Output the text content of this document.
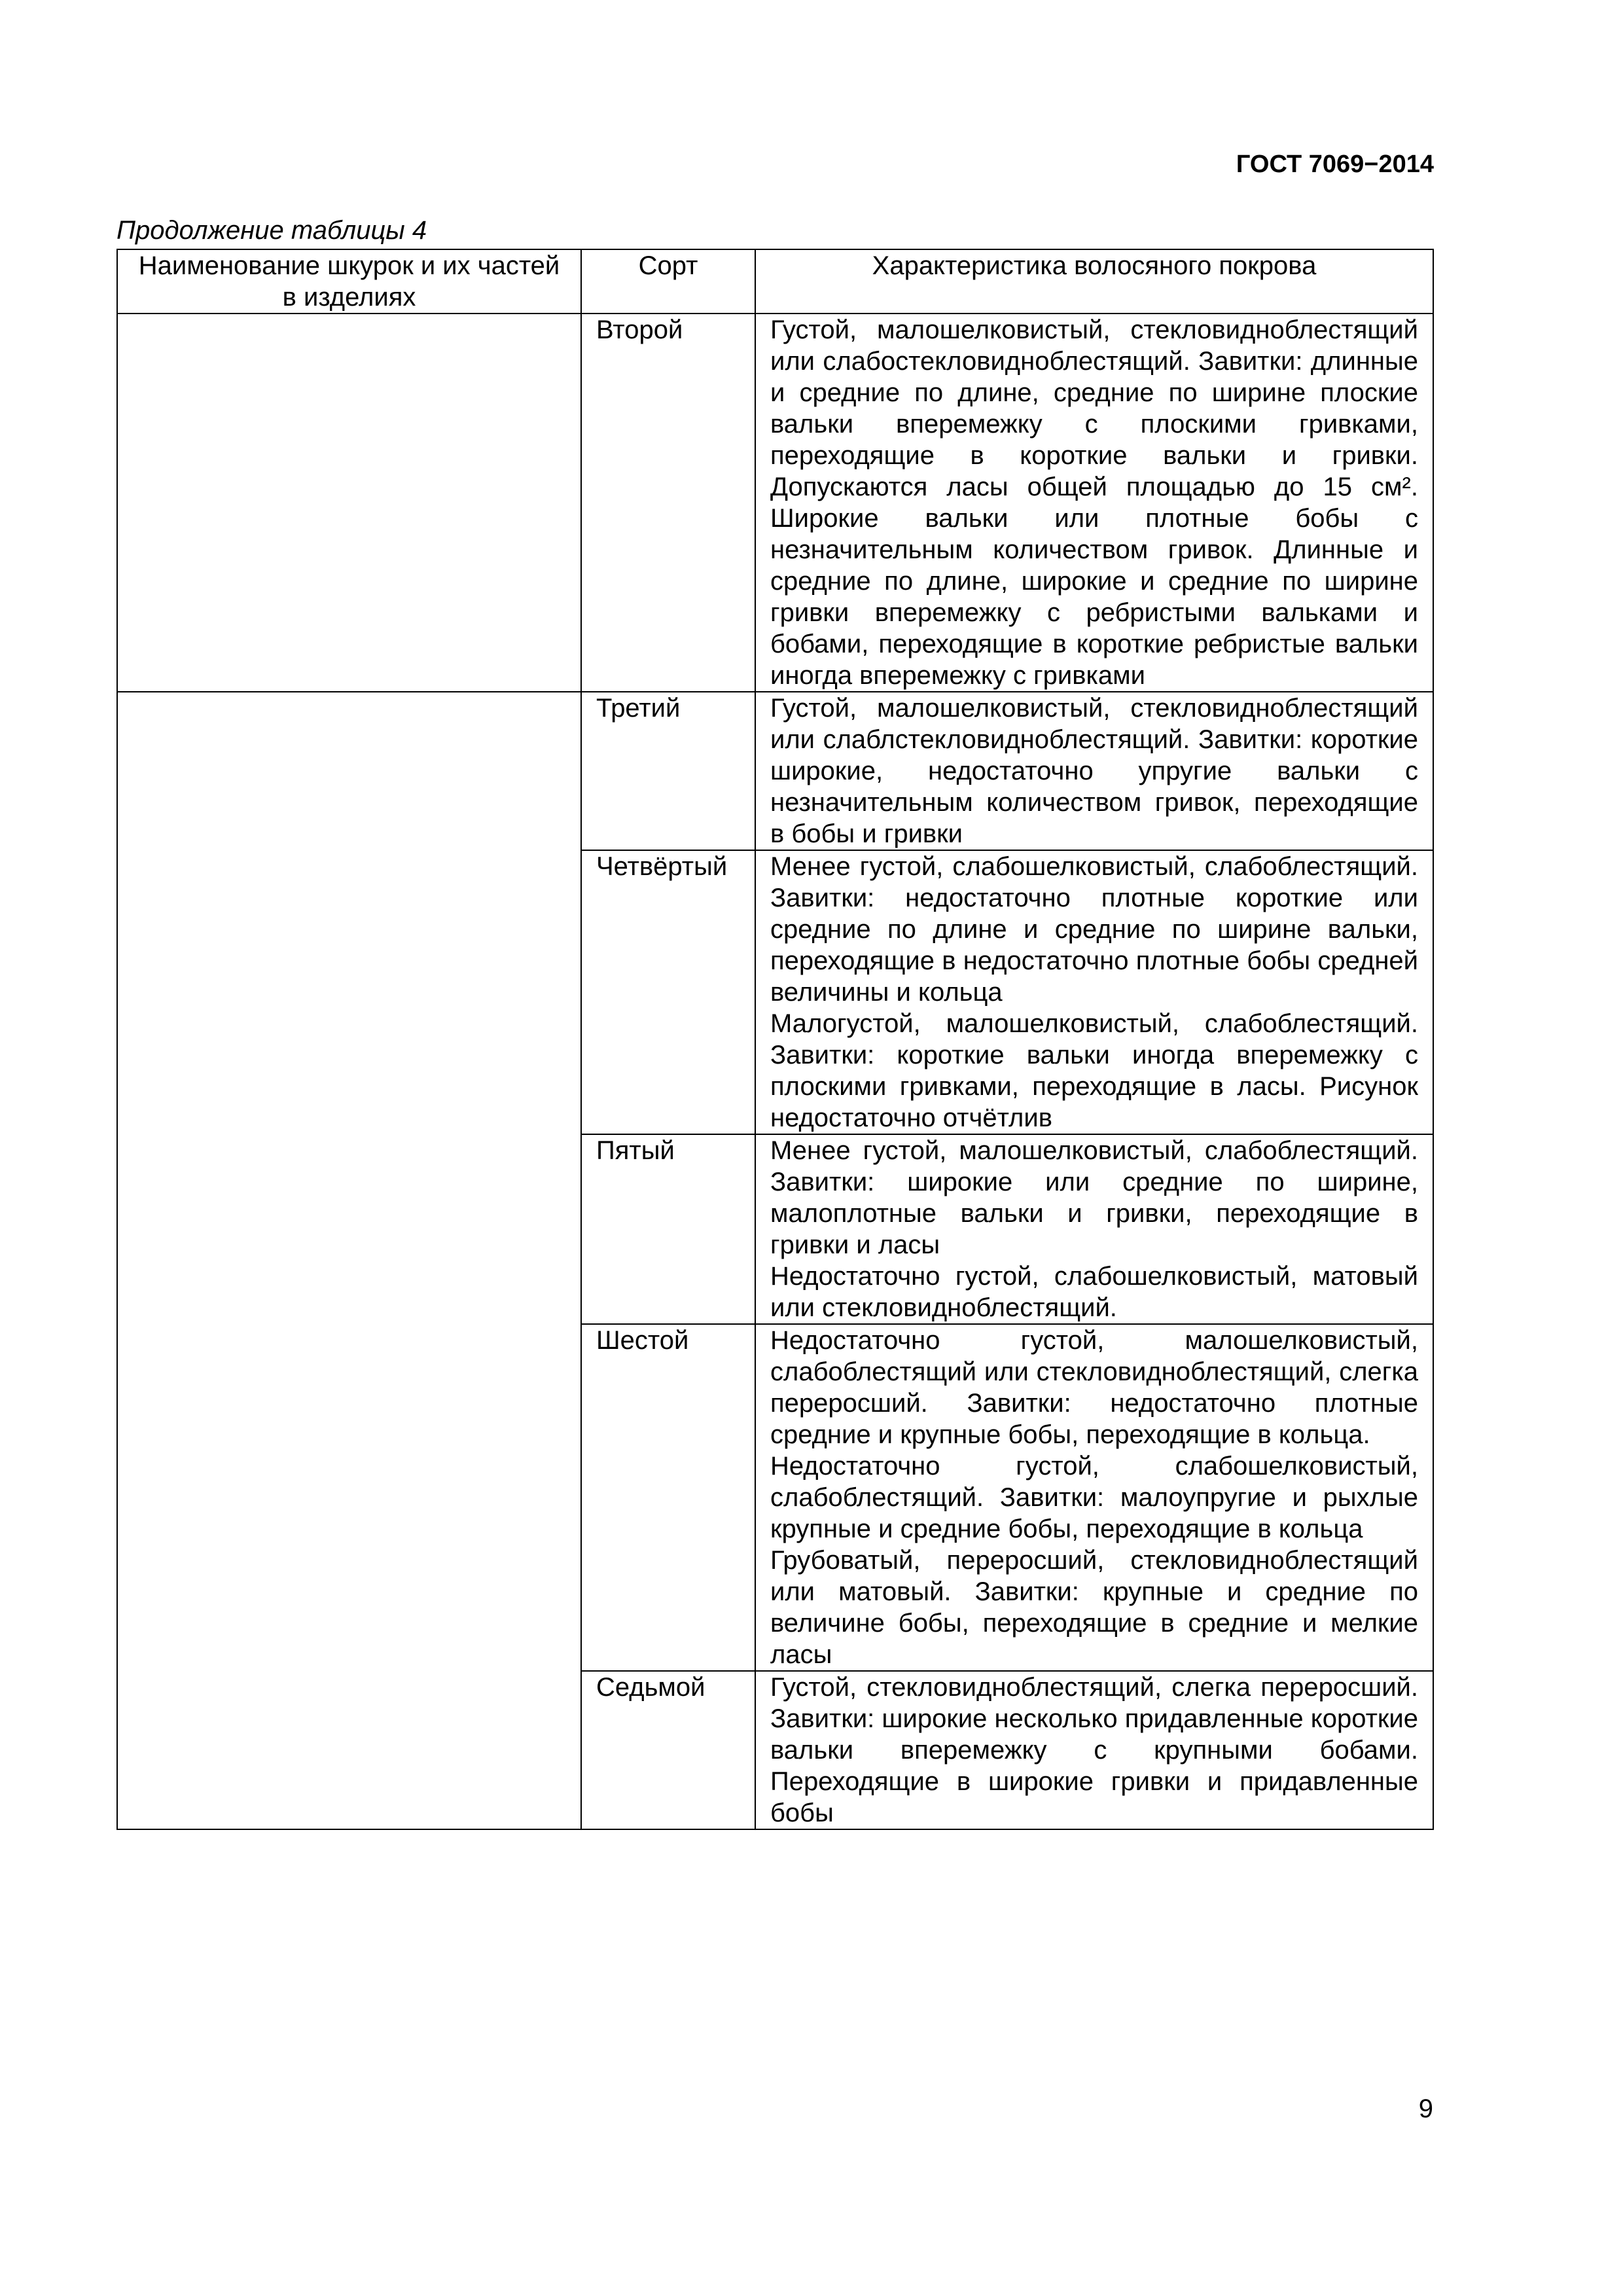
ГОСТ 7069−2014
Продолжение таблицы 4
Наименование шкурок и их частей в изделиях	Сорт	Характеристика волосяного покрова
	Второй	Густой, малошелковистый, стекловидноблестящий или слабостекловидноблестящий. Завитки: длинные и средние по длине, средние по ширине плоские вальки вперемежку с плоскими гривками, переходящие в короткие вальки и гривки. Допускаются ласы общей площадью до 15 см². Широкие вальки или плотные бобы с незначительным количеством гривок. Длинные и средние по длине, широкие и средние по ширине гривки вперемежку с ребристыми вальками и бобами, переходящие в короткие ребристые вальки иногда вперемежку с гривками

	Третий	Густой, малошелковистый, стекловидноблестящий или слаблстекловидноблестящий. Завитки: короткие широкие, недостаточно упругие вальки с незначительным количеством гривок, переходящие в бобы и гривки

	Четвёртый	Менее густой, слабошелковистый, слабоблестящий. Завитки: недостаточно плотные короткие или средние по длине и средние по ширине вальки, переходящие в недостаточно плотные бобы средней величины и кольца

Малогустой, малошелковистый, слабоблестящий. Завитки: короткие вальки иногда вперемежку с плоскими гривками, переходящие в ласы. Рисунок недостаточно отчётлив

	Пятый	Менее густой, малошелковистый, слабоблестящий. Завитки: широкие или средние по ширине, малоплотные вальки и гривки, переходящие в гривки и ласы

Недостаточно густой, слабошелковистый, матовый или стекловидноблестящий.

	Шестой	Недостаточно густой, малошелковистый, слабоблестящий или стекловидноблестящий, слегка переросший. Завитки: недостаточно плотные средние и крупные бобы, переходящие в кольца.

Недостаточно густой, слабошелковистый, слабоблестящий. Завитки: малоупругие и рыхлые крупные и средние бобы, переходящие в кольца

Грубоватый, переросший, стекловидноблестящий или матовый. Завитки: крупные и средние по величине бобы, переходящие в средние и мелкие ласы

	Седьмой	Густой, стекловидноблестящий, слегка переросший. Завитки: широкие несколько придавленные короткие вальки вперемежку с крупными бобами. Переходящие в широкие гривки и придавленные бобы

9
